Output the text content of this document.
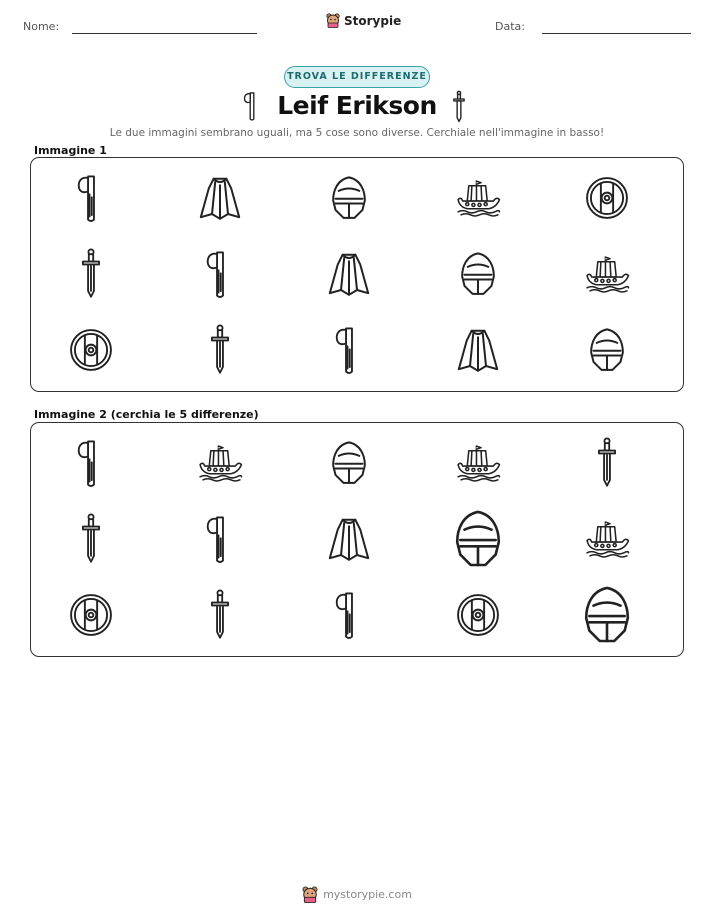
Nome:	Storypie	Data:
TROVA LE DIFFERENZE
Leif Erikson
Le due immagini sembrano uguali, ma 5 cose sono diverse. Cerchiale nell'immagine in basso!
Immagine 1
Immagine 2 (cerchia le 5 differenze)
mystorypie.com
